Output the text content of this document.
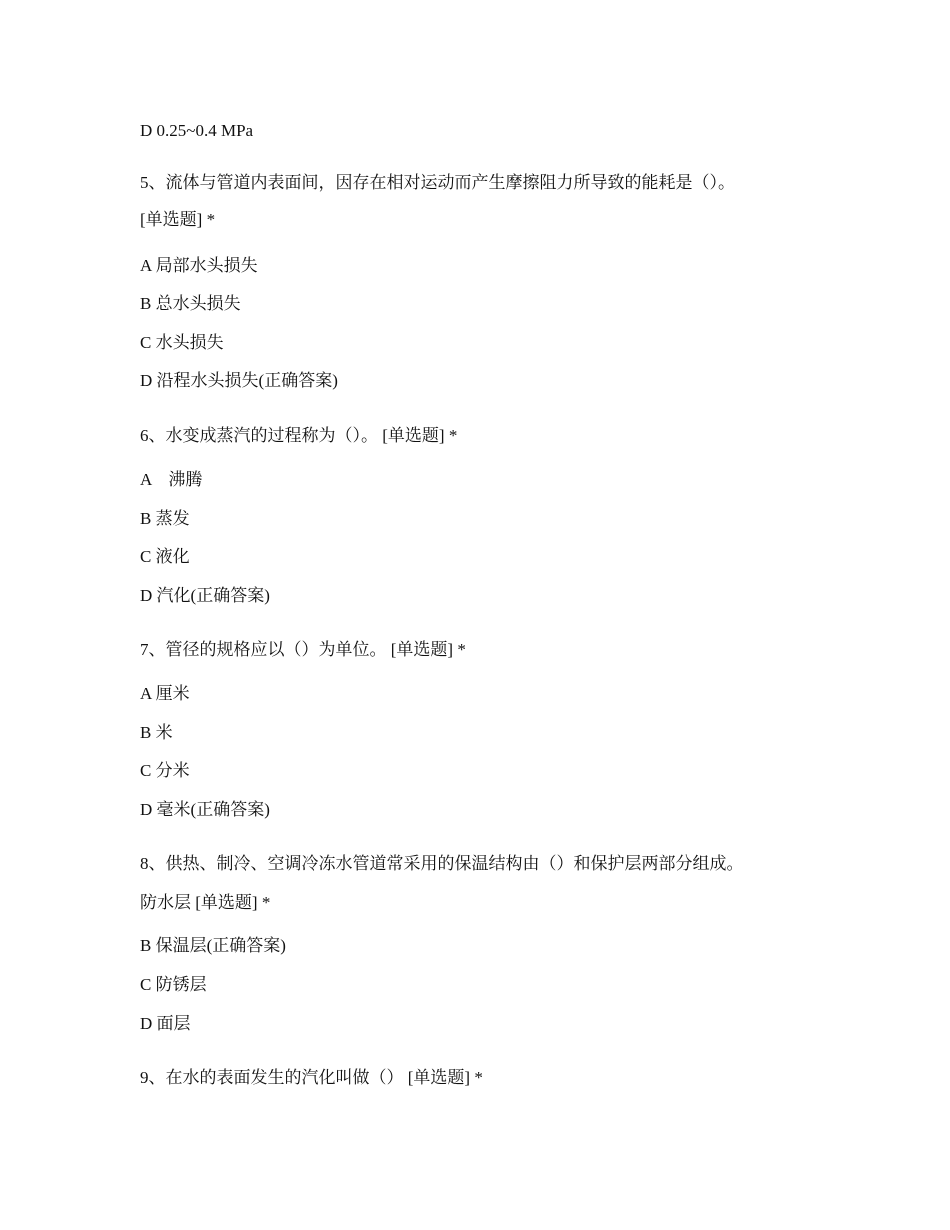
D 0.25~0.4 MPa
5、流体与管道内表面间，因存在相对运动而产生摩擦阻力所导致的能耗是（）。
[单选题] *
A 局部水头损失
B 总水头损失
C 水头损失
D 沿程水头损失(正确答案)
6、水变成蒸汽的过程称为（）。 [单选题] *
A　沸腾
B 蒸发
C 液化
D 汽化(正确答案)
7、管径的规格应以（）为单位。 [单选题] *
A 厘米
B 米
C 分米
D 毫米(正确答案)
8、供热、制冷、空调冷冻水管道常采用的保温结构由（）和保护层两部分组成。
防水层 [单选题] *
B 保温层(正确答案)
C 防锈层
D 面层
9、在水的表面发生的汽化叫做（） [单选题] *
